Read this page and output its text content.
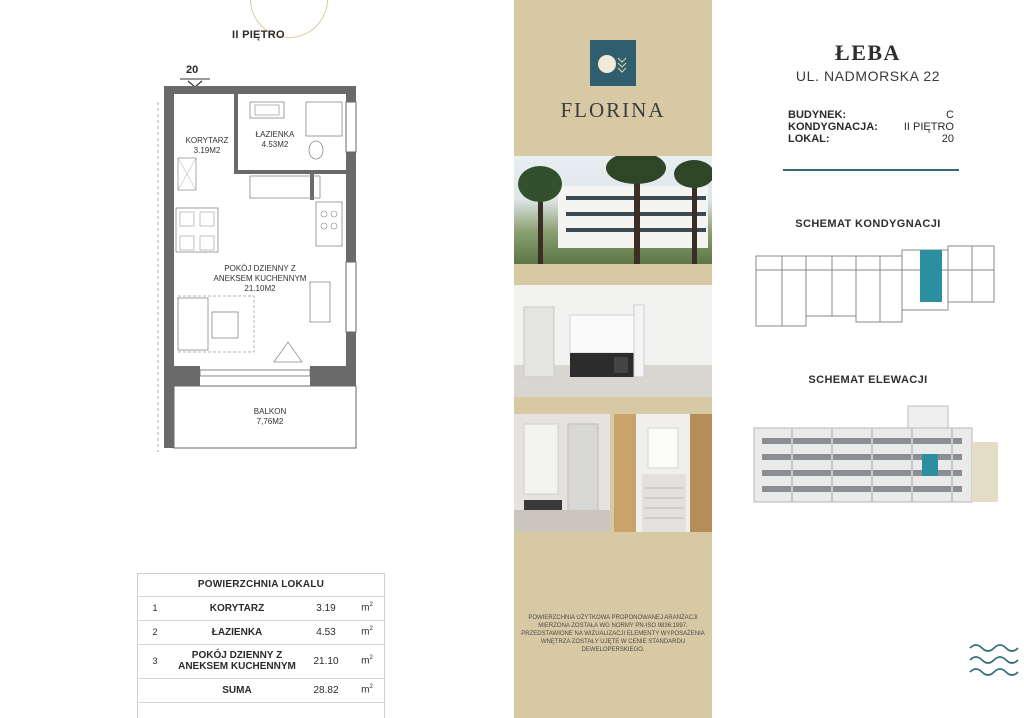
II PIĘTRO
KORYTARZ
3.19M2
ŁAZIENKA
4.53M2
POKÓJ DZIENNY Z ANEKSEM KUCHENNYM
21.10M2
BALKON
7,76M2
20
POWIERZCHNIA LOKALU			
1	KORYTARZ	3.19	$m^2$
2	ŁAZIENKA	4.53	$m^2$
3	POKÓJ DZIENNY Z
ANEKSEM KUCHENNYM	21.10	$m^2$
	SUMA	28.82	$m^2$
FLORINA
POWIERZCHNIA UŻYTKOWA PROPONOWANEJ ARANŻACJI MIERZONA ZOSTAŁA WG NORMY PN-ISO 9836:1997. PRZEDSTAWIONE NA WIZUALIZACJI ELEMENTY WYPOSAŻENIA WNĘTRZA ZOSTAŁY UJĘTE W CENIE STANDARDU DEWELOPERSKIEGO.
ŁEBA
UL. NADMORSKA 22
BUDYNEK:	C
KONDYGNACJA: II PIĘTRO
LOKAL:	20
SCHEMAT KONDYGNACJI
SCHEMAT ELEWACJI
